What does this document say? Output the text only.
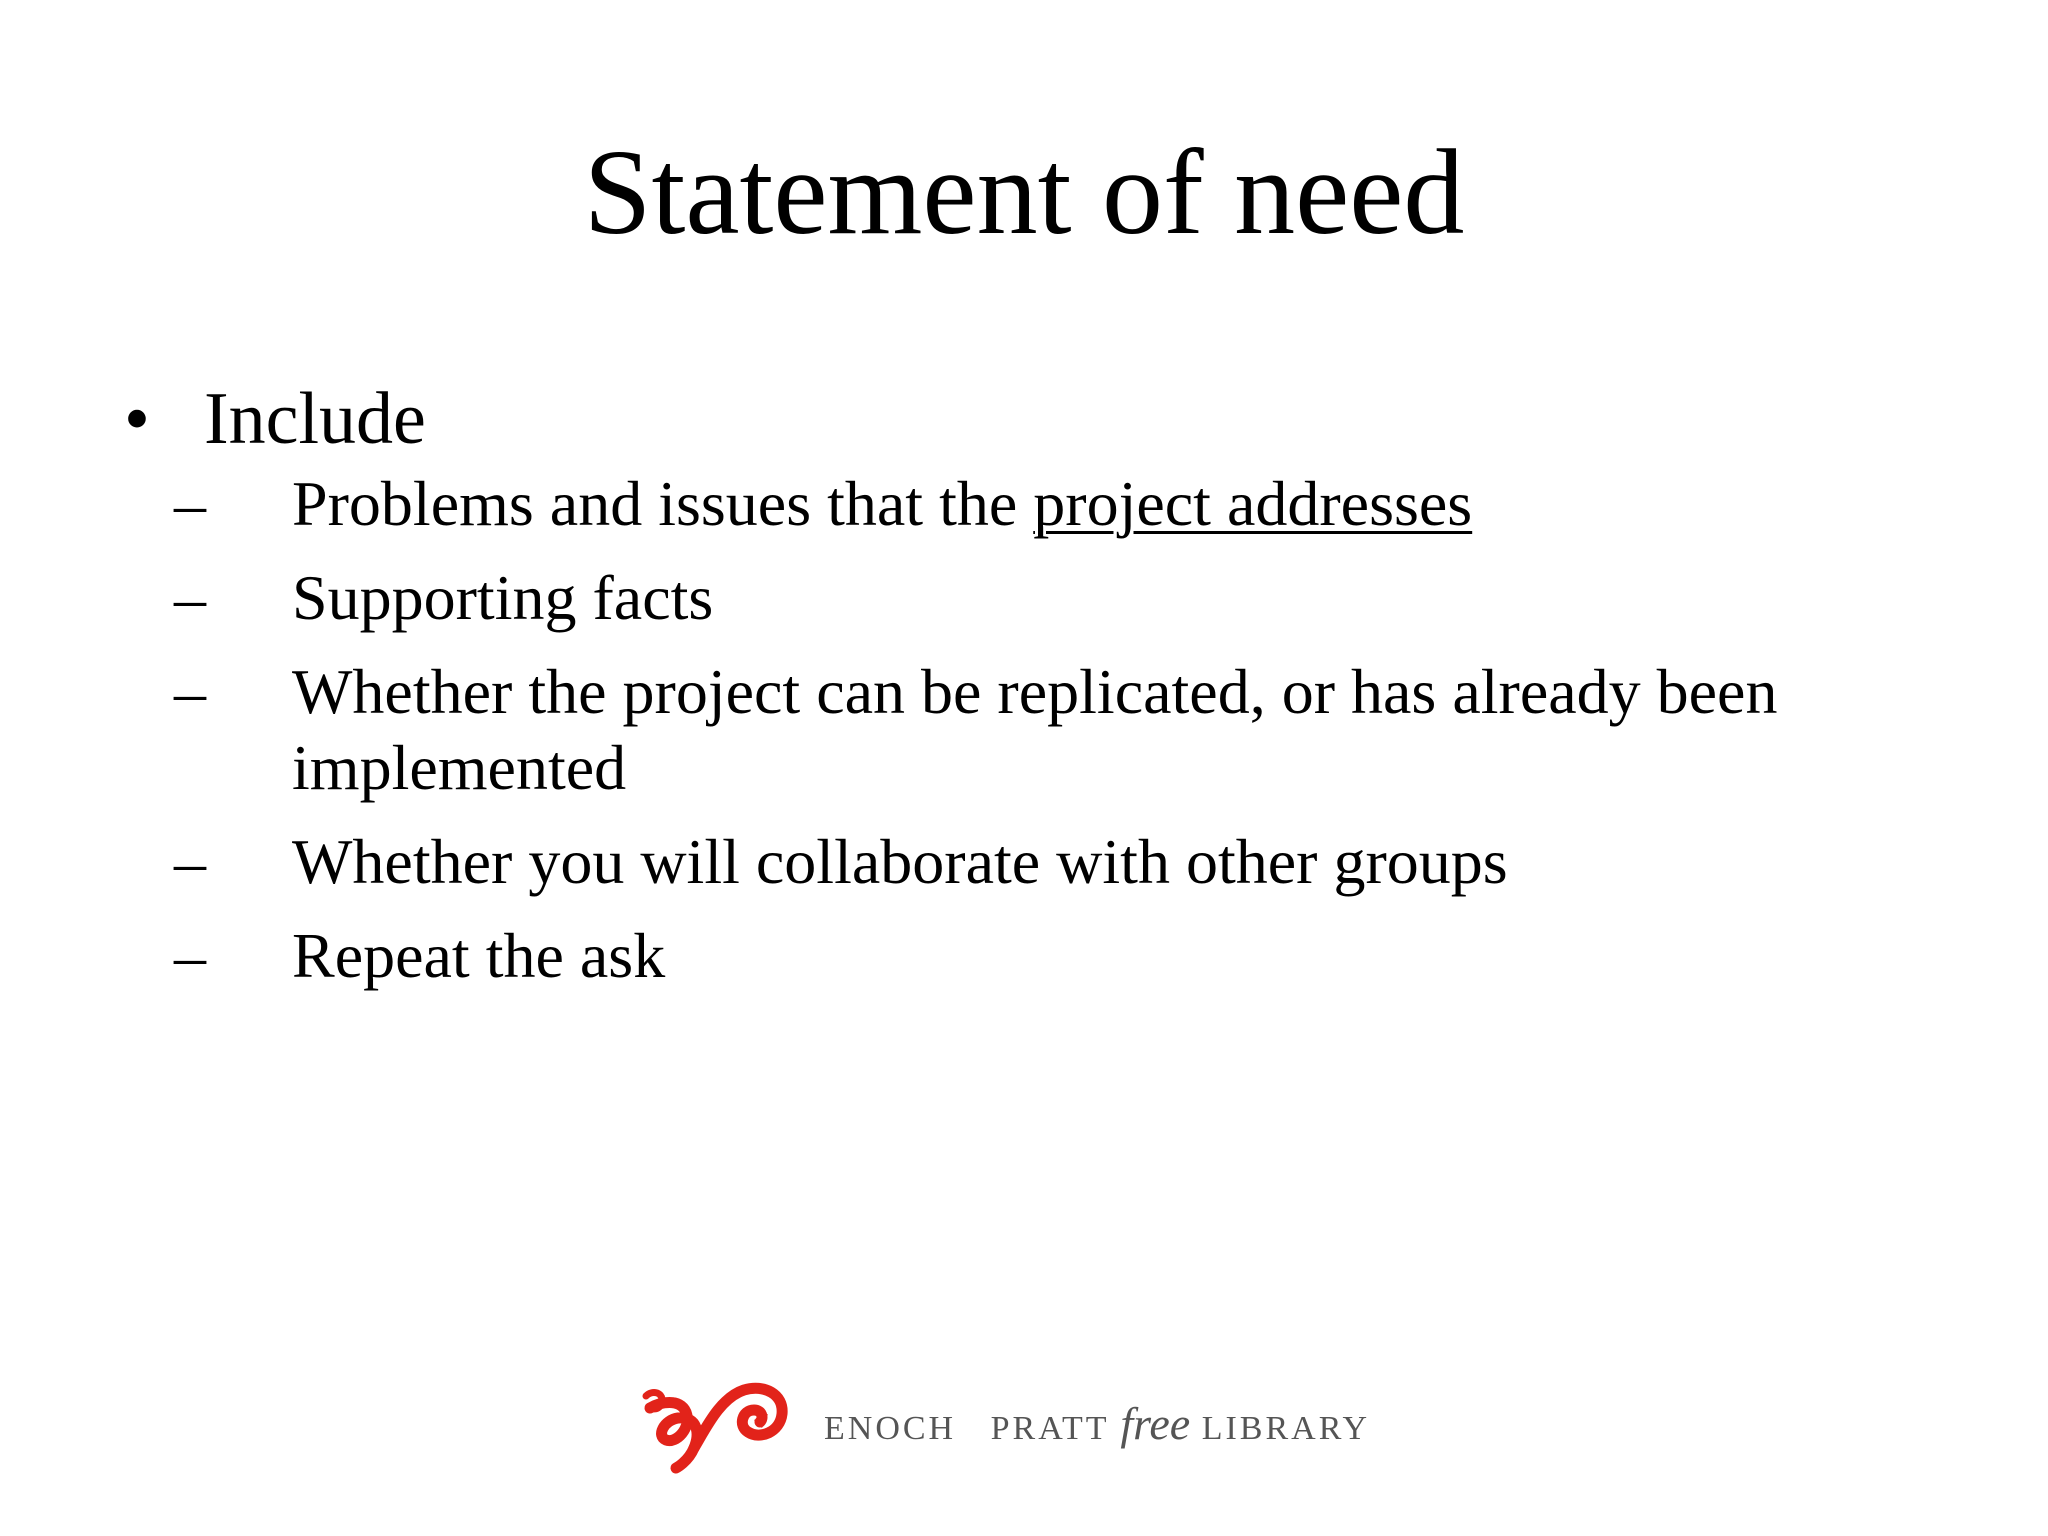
Statement of need
• Include
– Problems and issues that the project addresses
– Supporting facts
– Whether the project can be replicated, or has already been
implemented
– Whether you will collaborate with other groups
– Repeat the ask
ENOCH PRATT free LIBRARY
